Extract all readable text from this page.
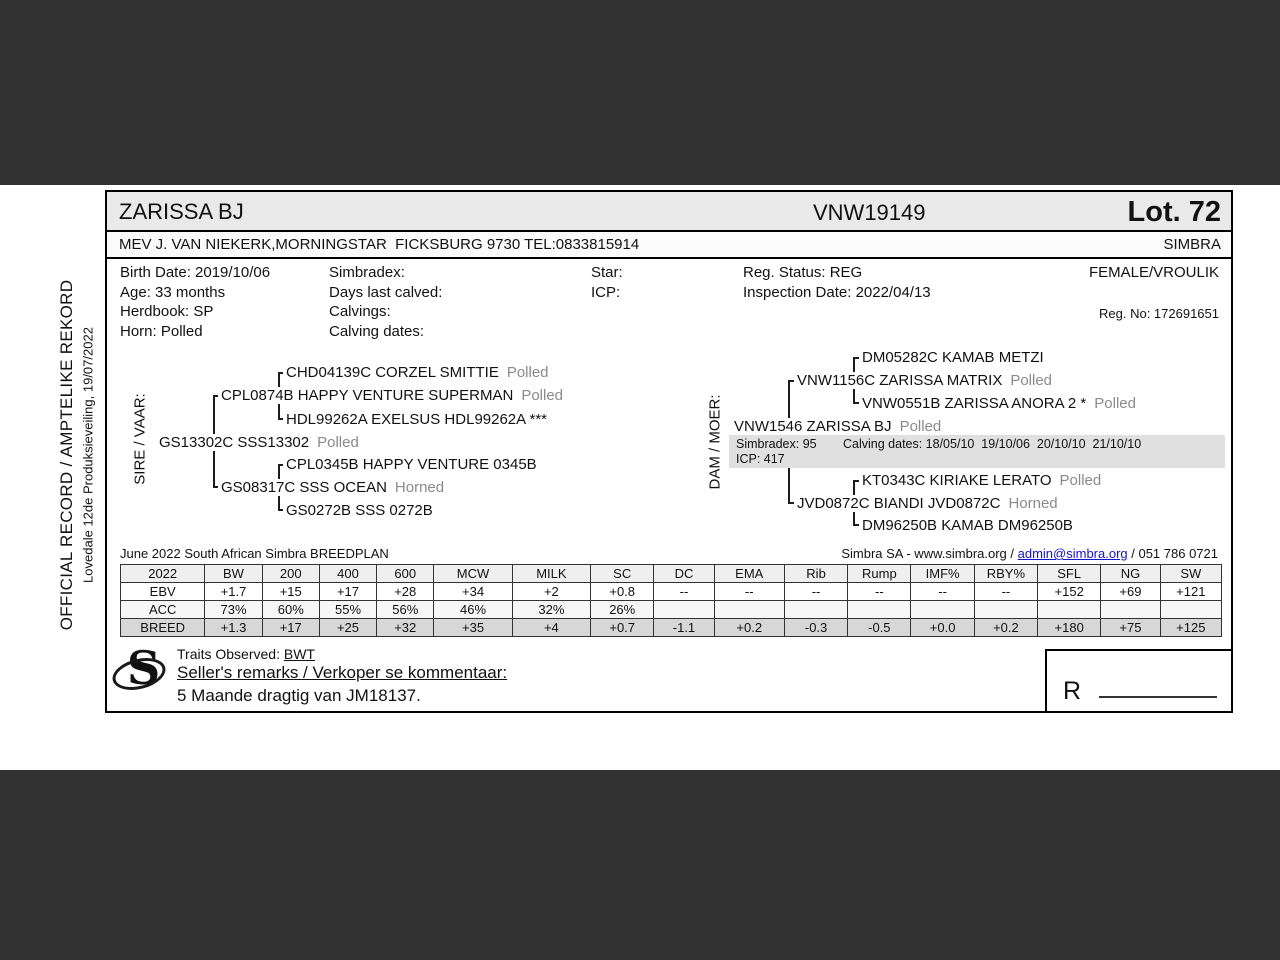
OFFICIAL RECORD / AMPTELIKE REKORD Lovedale 12de Produksieveiling, 19/07/2022
ZARISSA BJ	VNW19149	Lot. 72
MEV J. VAN NIEKERK,MORNINGSTAR  FICKSBURG 9730 TEL:0833815914	SIMBRA
Birth Date: 2019/10/06
Age: 33 months
Herdbook: SP
Horn: Polled
Simbradex:
Days last calved:
Calvings:
Calving dates:
Star:
ICP:
Reg. Status: REG
Inspection Date: 2022/04/13
FEMALE/VROULIK
Reg. No: 172691651
SIRE / VAAR:	DAM / MOER:
CHD04139C CORZEL SMITTIE Polled
CPL0874B HAPPY VENTURE SUPERMAN Polled
HDL99262A EXELSUS HDL99262A ***
GS13302C SSS13302 Polled
CPL0345B HAPPY VENTURE 0345B
GS08317C SSS OCEAN Horned
GS0272B SSS 0272B
DM05282C KAMAB METZI
VNW1156C ZARISSA MATRIX Polled
VNW0551B ZARISSA ANORA 2 * Polled
VNW1546 ZARISSA BJ Polled
Simbradex: 95 Calving dates: 18/05/10  19/10/06  20/10/10  21/10/10
ICP: 417
KT0343C KIRIAKE LERATO Polled
JVD0872C BIANDI JVD0872C Horned
DM96250B KAMAB DM96250B
June 2022 South African Simbra BREEDPLAN	Simbra SA - www.simbra.org / admin@simbra.org / 051 786 0721
2022	BW	200	400	600	MCW	MILK	SC	DC	EMA	Rib	Rump	IMF%	RBY%	SFL	NG	SW
EBV	+1.7	+15	+17	+28	+34	+2	+0.8	--	--	--	--	--	--	+152	+69	+121
ACC	73%	60%	55%	56%	46%	32%	26%									
BREED	+1.3	+17	+25	+32	+35	+4	+0.7	-1.1	+0.2	-0.3	-0.5	+0.0	+0.2	+180	+75	+125
S Traits Observed: BWT
Seller's remarks / Verkoper se kommentaar:
5 Maande dragtig van JM18137.	R
